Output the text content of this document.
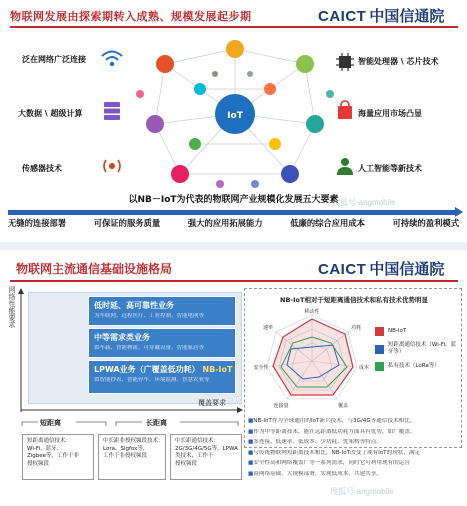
物联网发展由探索期转入成熟、规模发展起步期	CAICT 中国信通院
IoT
泛在网络广泛连接
大数据 \ 超级计算
传感器技术
智能处理器 \ 芯片技术
海量应用市场凸显
人工智能等新技术
以NB－IoT为代表的物联网产业规模化发展五大要素
无缝的连接部署	可保证的服务质量	强大的应用拓展能力	低廉的综合应用成本	可持续的盈利模式
搜狐号-angmobile
物联网主流通信基础设施格局	CAICT 中国信通院
网络性能要求	低时延、高可靠性业务
为车联网、远程医疗、工业控制、智能电网等
中等需求类业务
如车载、智能物流、可穿戴设备、智能家居等
LPWA业务（广覆盖低功耗） NB-IoT
如智能抄表、智能停车、环境监测、智慧农业等
覆盖要求
NB-IoT相对于短距离通信技术和私有技术优势明显
移动性
功耗
成本
覆盖
连接量
安全性
速率	NB-IoT
短距离通信技术（Wi-Fi、蓝牙等）
私有技术（LoRa等）
■ NB-IoT作为全球通用的IoT新兴技术，与3G/4G等通信技术相比，
■ 作为中等距离技术，能在远距离低功耗方面具有优势，如广覆盖、
■ 多连接、低速率、低成本、少功耗、优架构等特点。
■ 与传统物联网短距离技术相比，NB-IoT改变了现有IoT的现状，满足
■ 安全性高和网络覆盖广等一系列需求，同时它可利用现有的运营
■ 商网络基础，大规模部署，实现低成本、共建共享。
短距离	长距离
短距离通信技术：
Wi-Fi、蓝牙、
Zigbee等，工作于非
授权频段
中长距非授权频段技术：
Lora、Sigfox等，
工作于非授权频段
中长距通信技术：
2G/3G/4G/5G等，LPWA
类技术，工作于
授权频段
搜狐号-angmobile
